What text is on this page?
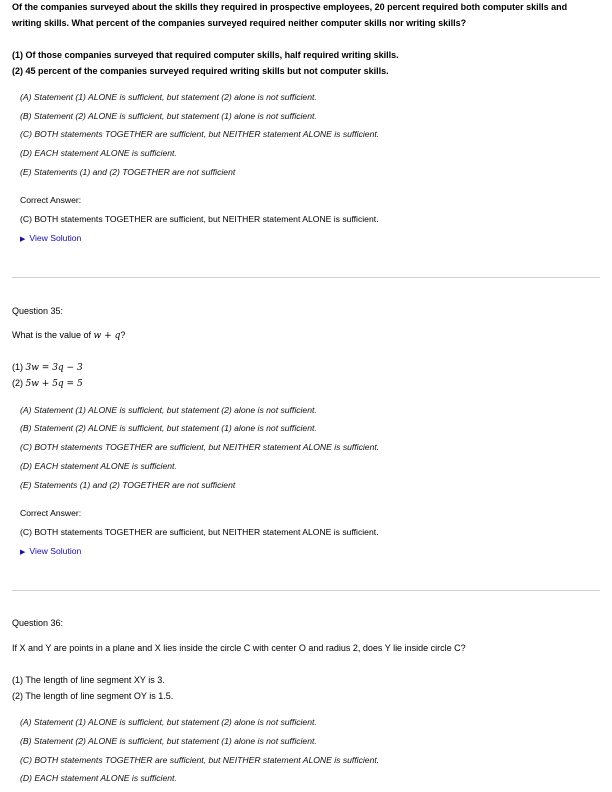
Of the companies surveyed about the skills they required in prospective employees, 20 percent required both computer skills and
writing skills. What percent of the companies surveyed required neither computer skills nor writing skills?
(1) Of those companies surveyed that required computer skills, half required writing skills.
(2) 45 percent of the companies surveyed required writing skills but not computer skills.
(A) Statement (1) ALONE is sufficient, but statement (2) alone is not sufficient.
(B) Statement (2) ALONE is sufficient, but statement (1) alone is not sufficient.
(C) BOTH statements TOGETHER are sufficient, but NEITHER statement ALONE is sufficient.
(D) EACH statement ALONE is sufficient.
(E) Statements (1) and (2) TOGETHER are not sufficient
Correct Answer:
(C) BOTH statements TOGETHER are sufficient, but NEITHER statement ALONE is sufficient.
▶ View Solution
Question 35:
What is the value of w + q?
(1) 3w = 3q − 3
(2) 5w + 5q = 5
(A) Statement (1) ALONE is sufficient, but statement (2) alone is not sufficient.
(B) Statement (2) ALONE is sufficient, but statement (1) alone is not sufficient.
(C) BOTH statements TOGETHER are sufficient, but NEITHER statement ALONE is sufficient.
(D) EACH statement ALONE is sufficient.
(E) Statements (1) and (2) TOGETHER are not sufficient
Correct Answer:
(C) BOTH statements TOGETHER are sufficient, but NEITHER statement ALONE is sufficient.
▶ View Solution
Question 36:
If X and Y are points in a plane and X lies inside the circle C with center O and radius 2, does Y lie inside circle C?
(1) The length of line segment XY is 3.
(2) The length of line segment OY is 1.5.
(A) Statement (1) ALONE is sufficient, but statement (2) alone is not sufficient.
(B) Statement (2) ALONE is sufficient, but statement (1) alone is not sufficient.
(C) BOTH statements TOGETHER are sufficient, but NEITHER statement ALONE is sufficient.
(D) EACH statement ALONE is sufficient.
